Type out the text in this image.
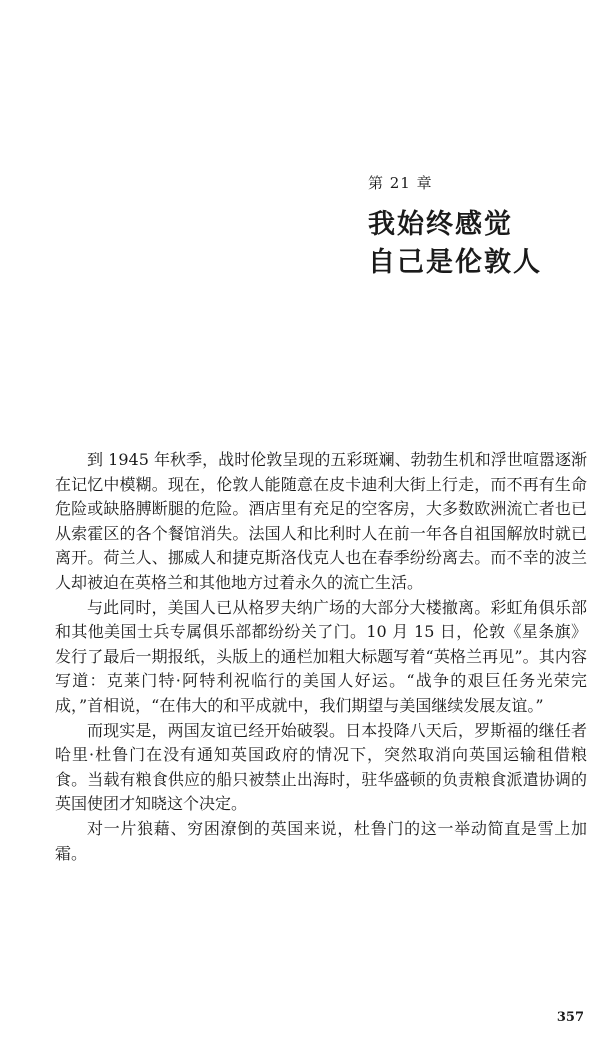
第 21 章
我始终感觉
自己是伦敦人

到 1945 年秋季，战时伦敦呈现的五彩斑斓、勃勃生机和浮世喧嚣逐渐在记忆中模糊。现在，伦敦人能随意在皮卡迪利大街上行走，而不再有生命危险或缺胳膊断腿的危险。酒店里有充足的空客房，大多数欧洲流亡者也已从索霍区的各个餐馆消失。法国人和比利时人在前一年各自祖国解放时就已离开。荷兰人、挪威人和捷克斯洛伐克人也在春季纷纷离去。而不幸的波兰人却被迫在英格兰和其他地方过着永久的流亡生活。

与此同时，美国人已从格罗夫纳广场的大部分大楼撤离。彩虹角俱乐部和其他美国士兵专属俱乐部都纷纷关了门。10 月 15 日，伦敦《星条旗》发行了最后一期报纸，头版上的通栏加粗大标题写着“英格兰再见”。其内容写道：克莱门特·阿特利祝临行的美国人好运。“战争的艰巨任务光荣完成，”首相说，“在伟大的和平成就中，我们期望与美国继续发展友谊。”

而现实是，两国友谊已经开始破裂。日本投降八天后，罗斯福的继任者哈里·杜鲁门在没有通知英国政府的情况下，突然取消向英国运输租借粮食。当载有粮食供应的船只被禁止出海时，驻华盛顿的负责粮食派遣协调的英国使团才知晓这个决定。

对一片狼藉、穷困潦倒的英国来说，杜鲁门的这一举动简直是雪上加霜。

357
